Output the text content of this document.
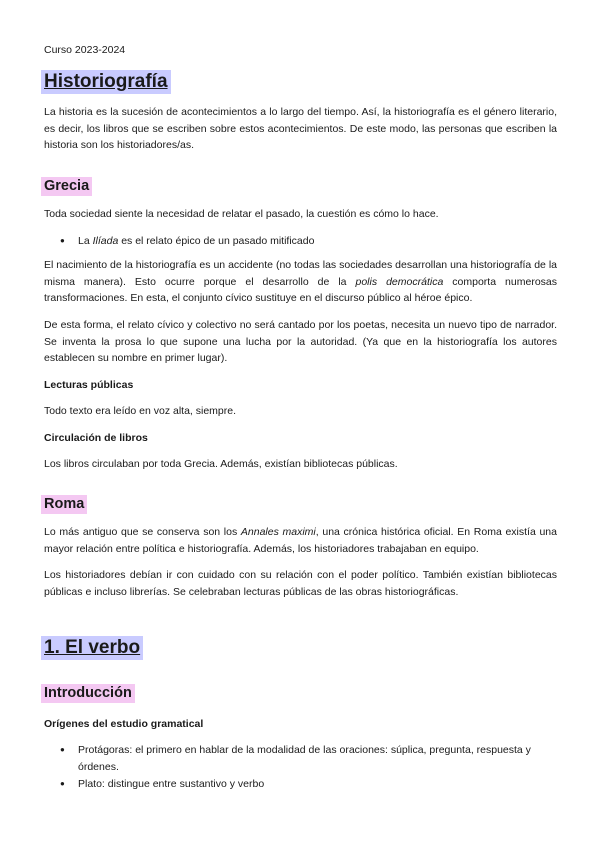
Curso 2023-2024
Historiografía
La historia es la sucesión de acontecimientos a lo largo del tiempo. Así, la historiografía es el género literario, es decir, los libros que se escriben sobre estos acontecimientos. De este modo, las personas que escriben la historia son los historiadores/as.
Grecia
Toda sociedad siente la necesidad de relatar el pasado, la cuestión es cómo lo hace.
● La Ilíada es el relato épico de un pasado mitificado
El nacimiento de la historiografía es un accidente (no todas las sociedades desarrollan una historiografía de la misma manera). Esto ocurre porque el desarrollo de la polis democrática comporta numerosas transformaciones. En esta, el conjunto cívico sustituye en el discurso público al héroe épico.
De esta forma, el relato cívico y colectivo no será cantado por los poetas, necesita un nuevo tipo de narrador. Se inventa la prosa lo que supone una lucha por la autoridad. (Ya que en la historiografía los autores establecen su nombre en primer lugar).
Lecturas públicas
Todo texto era leído en voz alta, siempre.
Circulación de libros
Los libros circulaban por toda Grecia. Además, existían bibliotecas públicas.
Roma
Lo más antiguo que se conserva son los Annales maximi, una crónica histórica oficial. En Roma existía una mayor relación entre política e historiografía. Además, los historiadores trabajaban en equipo.
Los historiadores debían ir con cuidado con su relación con el poder político. También existían bibliotecas públicas e incluso librerías. Se celebraban lecturas públicas de las obras historiográficas.
1. El verbo
Introducción
Orígenes del estudio gramatical
● Protágoras: el primero en hablar de la modalidad de las oraciones: súplica, pregunta, respuesta y órdenes.
● Plato: distingue entre sustantivo y verbo
